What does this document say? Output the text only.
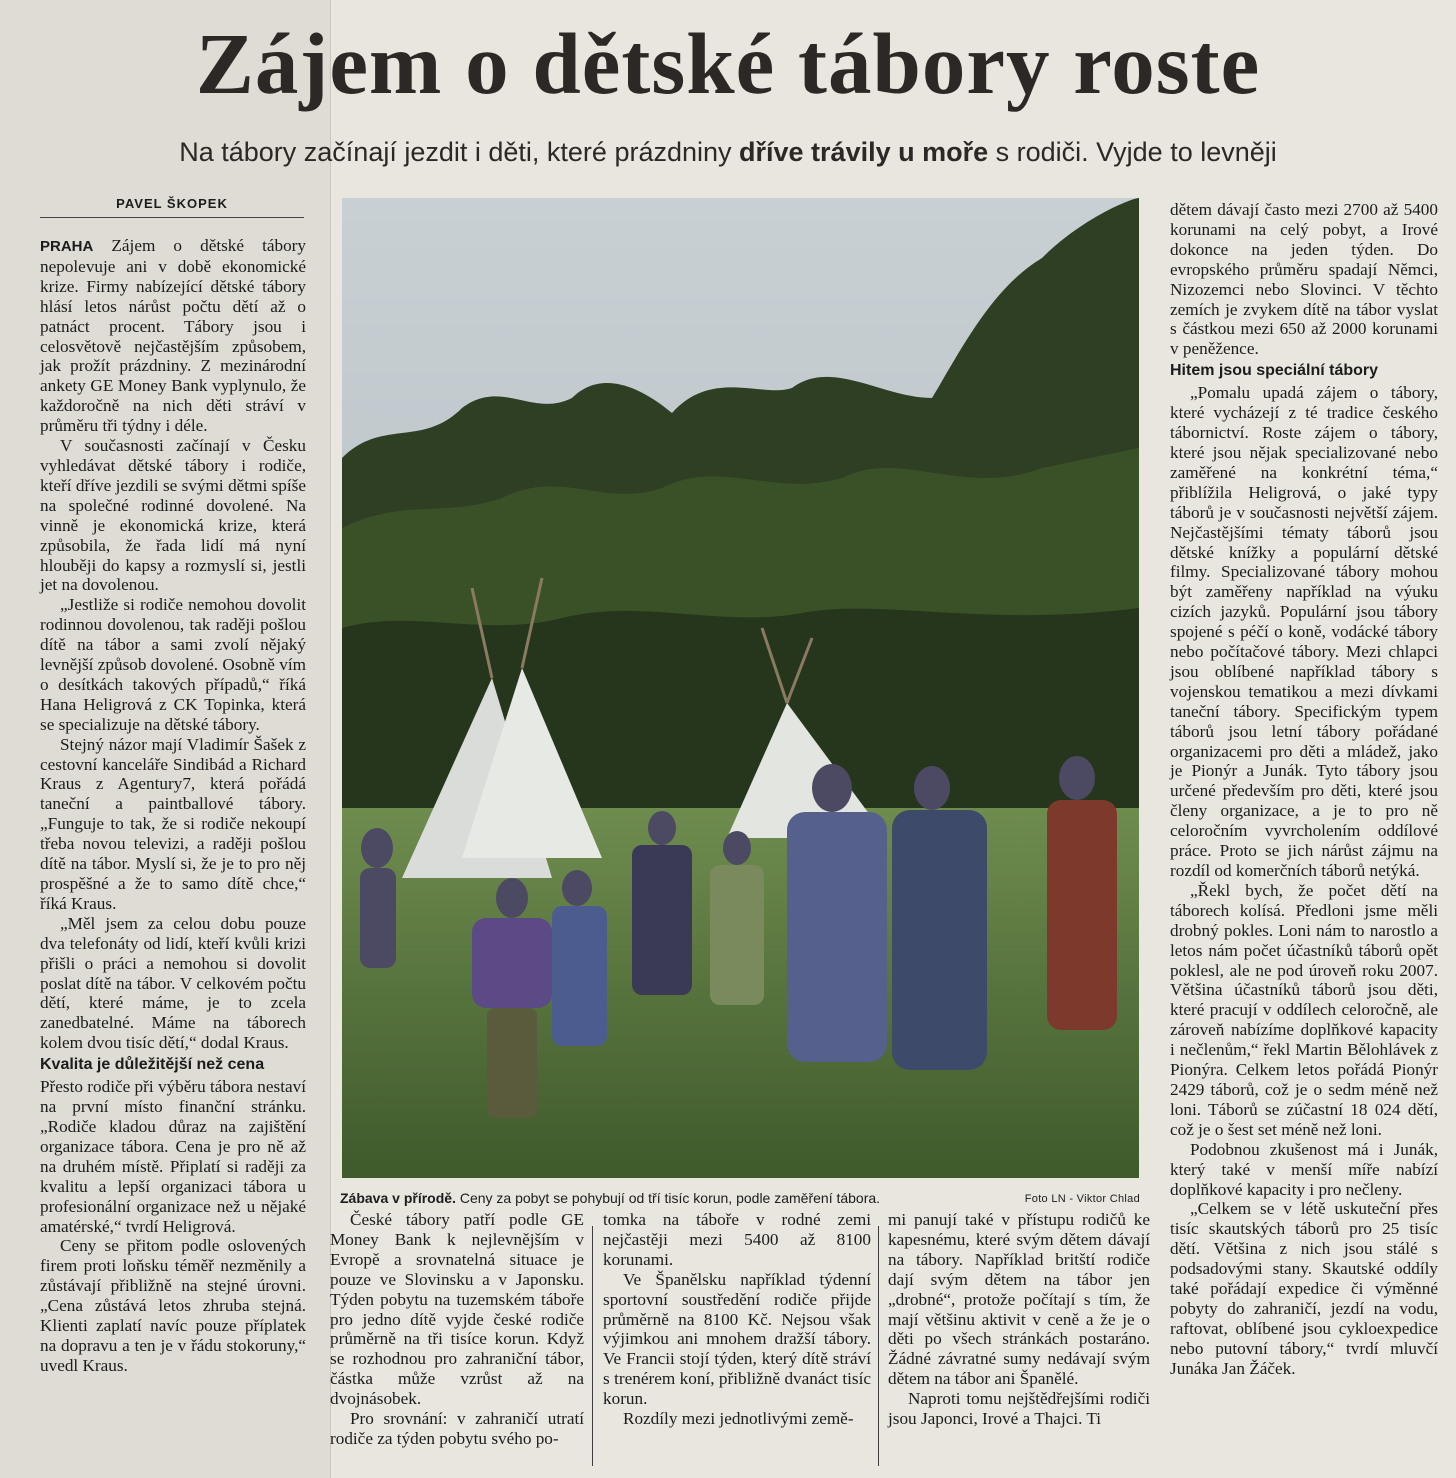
Zájem o dětské tábory roste
Na tábory začínají jezdit i děti, které prázdniny dříve trávily u moře s rodiči. Vyjde to levněji
PAVEL ŠKOPEK

PRAHA Zájem o dětské tábory nepolevuje ani v době ekonomické krize. Firmy nabízející dětské tábory hlásí letos nárůst počtu dětí až o patnáct procent. Tábory jsou i celosvětově nejčastějším způsobem, jak prožít prázdniny. Z mezinárodní ankety GE Money Bank vyplynulo, že každoročně na nich děti stráví v průměru tři týdny i déle.

V současnosti začínají v Česku vyhledávat dětské tábory i rodiče, kteří dříve jezdili se svými dětmi spíše na společné rodinné dovolené. Na vinně je ekonomická krize, která způsobila, že řada lidí má nyní hlouběji do kapsy a rozmyslí si, jestli jet na dovolenou.

„Jestliže si rodiče nemohou dovolit rodinnou dovolenou, tak raději pošlou dítě na tábor a sami zvolí nějaký levnější způsob dovolené. Osobně vím o desítkách takových případů,“ říká Hana Heligrová z CK Topinka, která se specializuje na dětské tábory.

Stejný názor mají Vladimír Šašek z cestovní kanceláře Sindibád a Richard Kraus z Agentury7, která pořádá taneční a paintballové tábory. „Funguje to tak, že si rodiče nekoupí třeba novou televizi, a raději pošlou dítě na tábor. Myslí si, že je to pro něj prospěšné a že to samo dítě chce,“ říká Kraus.

„Měl jsem za celou dobu pouze dva telefonáty od lidí, kteří kvůli krizi přišli o práci a nemohou si dovolit poslat dítě na tábor. V celkovém počtu dětí, které máme, je to zcela zanedbatelné. Máme na táborech kolem dvou tisíc dětí,“ dodal Kraus.

Kvalita je důležitější než cena

Přesto rodiče při výběru tábora nestaví na první místo finanční stránku. „Rodiče kladou důraz na zajištění organizace tábora. Cena je pro ně až na druhém místě. Připlatí si raději za kvalitu a lepší organizaci tábora u profesionální organizace než u nějaké amatérské,“ tvrdí Heligrová.

Ceny se přitom podle oslovených firem proti loňsku téměř nezměnily a zůstávají přibližně na stejné úrovni. „Cena zůstává letos zhruba stejná. Klienti zaplatí navíc pouze příplatek na dopravu a ten je v řádu stokoruny,“ uvedl Kraus.

Zábava v přírodě. Ceny za pobyt se pohybují od tří tisíc korun, podle zaměření tábora.	Foto LN - Viktor Chlad

České tábory patří podle GE Money Bank k nejlevnějším v Evropě a srovnatelná situace je pouze ve Slovinsku a v Japonsku. Týden pobytu na tuzemském táboře pro jedno dítě vyjde české rodiče průměrně na tři tisíce korun. Když se rozhodnou pro zahraniční tábor, částka může vzrůst až na dvojnásobek.

Pro srovnání: v zahraničí utratí rodiče za týden pobytu svého po-

tomka na táboře v rodné zemi nejčastěji mezi 5400 až 8100 korunami.

Ve Španělsku například týdenní sportovní soustředění rodiče přijde průměrně na 8100 Kč. Nejsou však výjimkou ani mnohem dražší tábory. Ve Francii stojí týden, který dítě stráví s trenérem koní, přibližně dvanáct tisíc korun.

Rozdíly mezi jednotlivými země-

mi panují také v přístupu rodičů ke kapesnému, které svým dětem dávají na tábory. Například britští rodiče dají svým dětem na tábor jen „drobné“, protože počítají s tím, že mají většinu aktivit v ceně a že je o děti po všech stránkách postaráno. Žádné závratné sumy nedávají svým dětem na tábor ani Španělé.

Naproti tomu nejštědřejšími rodiči jsou Japonci, Irové a Thajci. Ti

dětem dávají často mezi 2700 až 5400 korunami na celý pobyt, a Irové dokonce na jeden týden. Do evropského průměru spadají Němci, Nizozemci nebo Slovinci. V těchto zemích je zvykem dítě na tábor vyslat s částkou mezi 650 až 2000 korunami v peněžence.

Hitem jsou speciální tábory

„Pomalu upadá zájem o tábory, které vycházejí z té tradice českého tábornictví. Roste zájem o tábory, které jsou nějak specializované nebo zaměřené na konkrétní téma,“ přiblížila Heligrová, o jaké typy táborů je v současnosti největší zájem. Nejčastějšími tématy táborů jsou dětské knížky a populární dětské filmy. Specializované tábory mohou být zaměřeny například na výuku cizích jazyků. Populární jsou tábory spojené s péčí o koně, vodácké tábory nebo počítačové tábory. Mezi chlapci jsou oblíbené například tábory s vojenskou tematikou a mezi dívkami taneční tábory. Specifickým typem táborů jsou letní tábory pořádané organizacemi pro děti a mládež, jako je Pionýr a Junák. Tyto tábory jsou určené především pro děti, které jsou členy organizace, a je to pro ně celoročním vyvrcholením oddílové práce. Proto se jich nárůst zájmu na rozdíl od komerčních táborů netýká.

„Řekl bych, že počet dětí na táborech kolísá. Předloni jsme měli drobný pokles. Loni nám to narostlo a letos nám počet účastníků táborů opět poklesl, ale ne pod úroveň roku 2007. Většina účastníků táborů jsou děti, které pracují v oddílech celoročně, ale zároveň nabízíme doplňkové kapacity i nečlenům,“ řekl Martin Bělohlávek z Pionýra. Celkem letos pořádá Pionýr 2429 táborů, což je o sedm méně než loni. Táborů se zúčastní 18 024 dětí, což je o šest set méně než loni.

Podobnou zkušenost má i Junák, který také v menší míře nabízí doplňkové kapacity i pro nečleny.

„Celkem se v létě uskuteční přes tisíc skautských táborů pro 25 tisíc dětí. Většina z nich jsou stálé s podsadovými stany. Skautské oddíly také pořádají expedice či výměnné pobyty do zahraničí, jezdí na vodu, raftovat, oblíbené jsou cykloexpedice nebo putovní tábory,“ tvrdí mluvčí Junáka Jan Žáček.
